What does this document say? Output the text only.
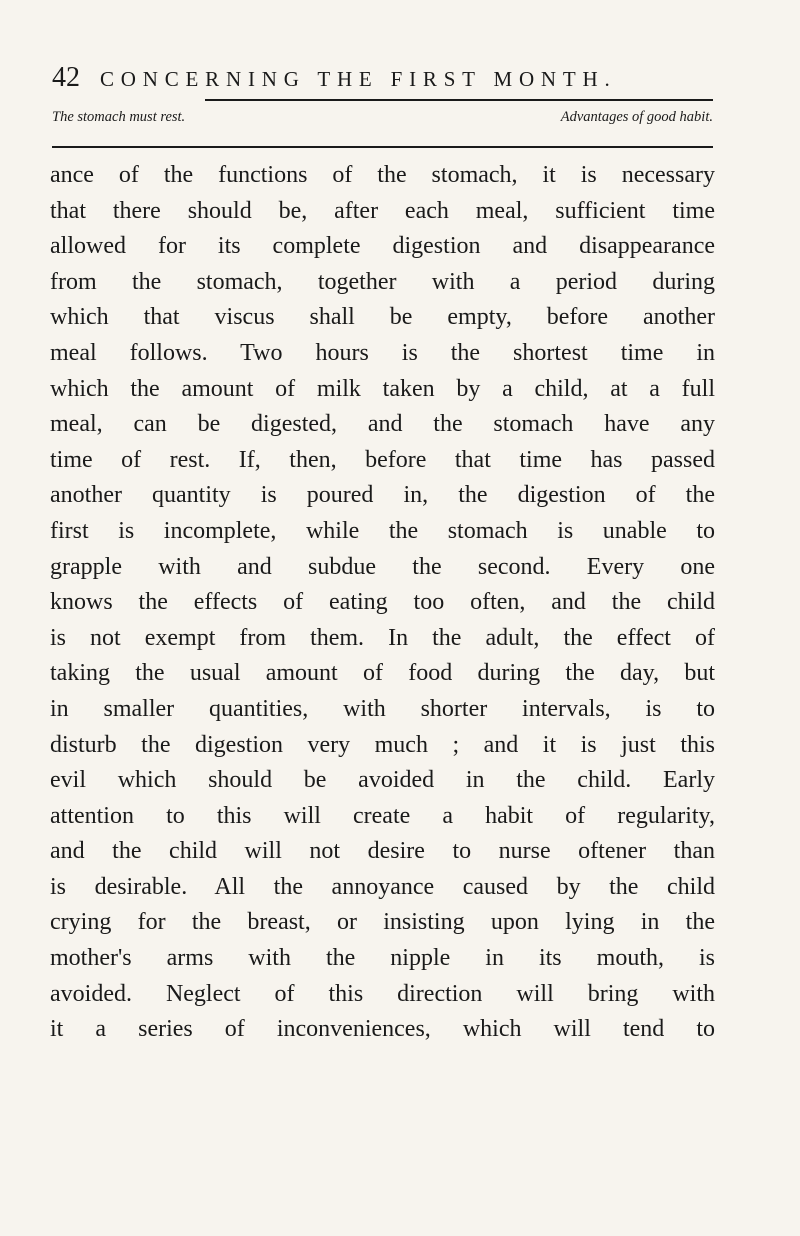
42 CONCERNING THE FIRST MONTH.
The stomach must rest.	Advantages of good habit.
ance of the functions of the stomach, it is necessary
that there should be, after each meal, sufficient time
allowed for its complete digestion and disappearance
from the stomach, together with a period during
which that viscus shall be empty, before another
meal follows. Two hours is the shortest time in
which the amount of milk taken by a child, at a full
meal, can be digested, and the stomach have any
time of rest. If, then, before that time has passed
another quantity is poured in, the digestion of the
first is incomplete, while the stomach is unable to
grapple with and subdue the second. Every one
knows the effects of eating too often, and the child
is not exempt from them. In the adult, the effect of
taking the usual amount of food during the day, but
in smaller quantities, with shorter intervals, is to
disturb the digestion very much ; and it is just this
evil which should be avoided in the child. Early
attention to this will create a habit of regularity,
and the child will not desire to nurse oftener than
is desirable. All the annoyance caused by the child
crying for the breast, or insisting upon lying in the
mother's arms with the nipple in its mouth, is
avoided. Neglect of this direction will bring with
it a series of inconveniences, which will tend to
